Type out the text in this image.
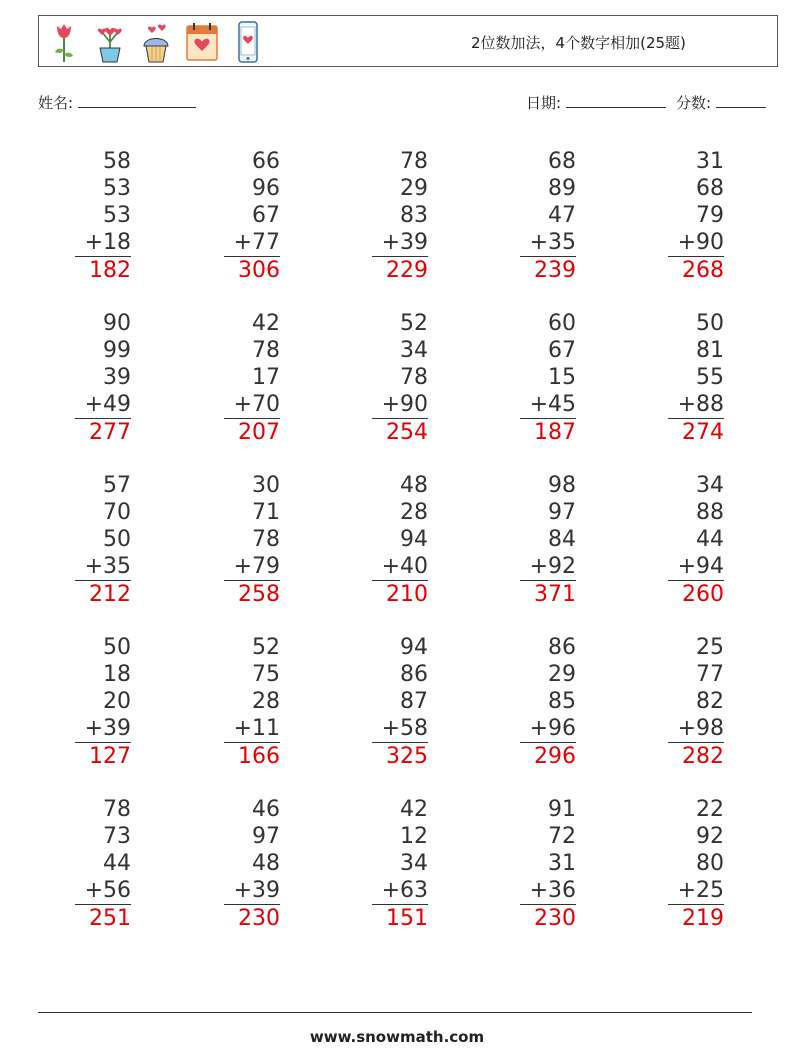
2位数加法，4个数字相加(25题)
姓名:	日期:	分数:
58
53
53
+18
182
66
96
67
+77
306
78
29
83
+39
229
68
89
47
+35
239
31
68
79
+90
268
90
99
39
+49
277
42
78
17
+70
207
52
34
78
+90
254
60
67
15
+45
187
50
81
55
+88
274
57
70
50
+35
212
30
71
78
+79
258
48
28
94
+40
210
98
97
84
+92
371
34
88
44
+94
260
50
18
20
+39
127
52
75
28
+11
166
94
86
87
+58
325
86
29
85
+96
296
25
77
82
+98
282
78
73
44
+56
251
46
97
48
+39
230
42
12
34
+63
151
91
72
31
+36
230
22
92
80
+25
219
www.snowmath.com
